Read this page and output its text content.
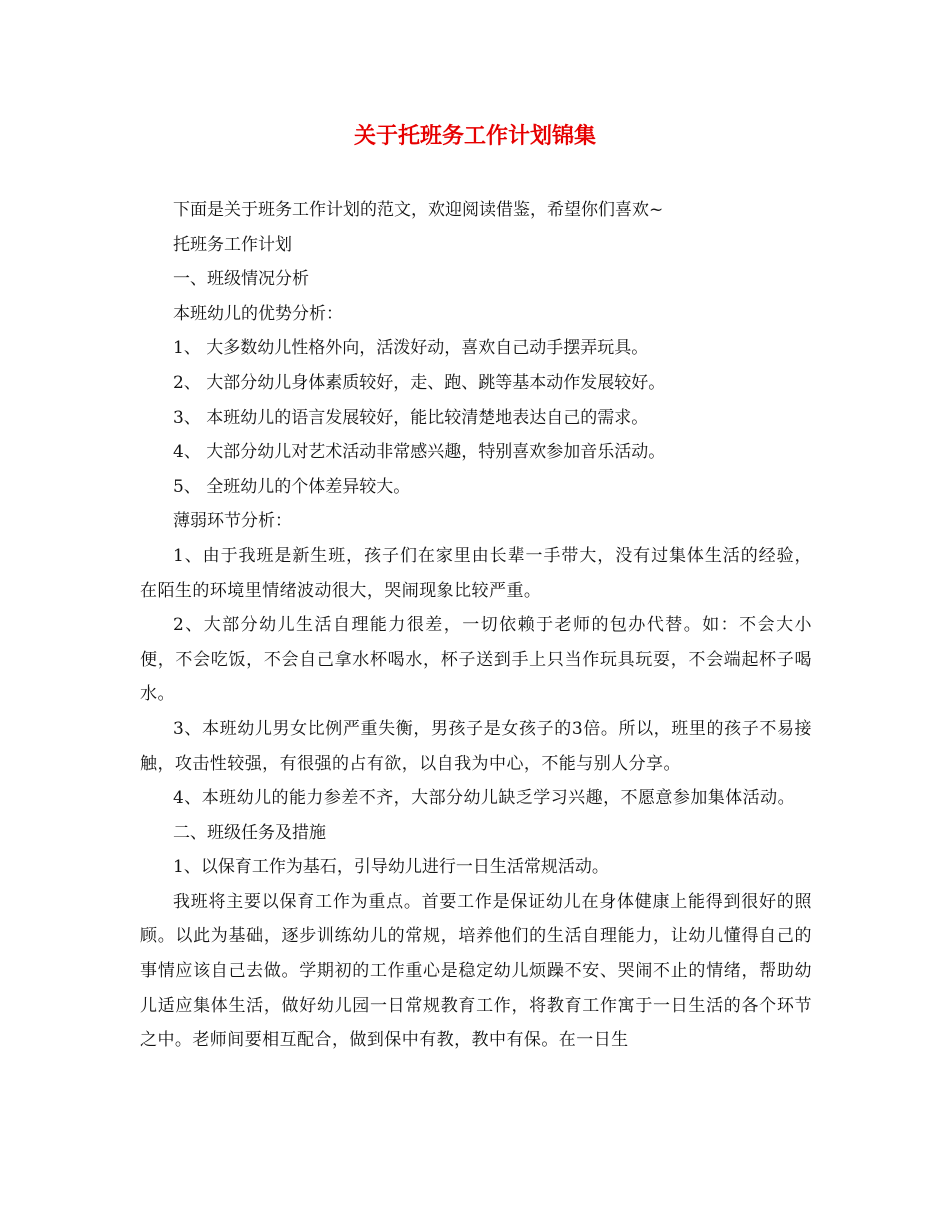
关于托班务工作计划锦集

下面是关于班务工作计划的范文，欢迎阅读借鉴，希望你们喜欢~

托班务工作计划

一、班级情况分析

本班幼儿的优势分析：

1、 大多数幼儿性格外向，活泼好动，喜欢自己动手摆弄玩具。

2、 大部分幼儿身体素质较好，走、跑、跳等基本动作发展较好。

3、 本班幼儿的语言发展较好，能比较清楚地表达自己的需求。

4、 大部分幼儿对艺术活动非常感兴趣，特别喜欢参加音乐活动。

5、 全班幼儿的个体差异较大。

薄弱环节分析：

1、由于我班是新生班，孩子们在家里由长辈一手带大，没有过集体生活的经验，在陌生的环境里情绪波动很大，哭闹现象比较严重。

2、大部分幼儿生活自理能力很差，一切依赖于老师的包办代替。如：不会大小便，不会吃饭，不会自己拿水杯喝水，杯子送到手上只当作玩具玩耍，不会端起杯子喝水。

3、本班幼儿男女比例严重失衡，男孩子是女孩子的3倍。所以，班里的孩子不易接触，攻击性较强，有很强的占有欲，以自我为中心，不能与别人分享。

4、本班幼儿的能力参差不齐，大部分幼儿缺乏学习兴趣，不愿意参加集体活动。

二、班级任务及措施

1、以保育工作为基石，引导幼儿进行一日生活常规活动。

我班将主要以保育工作为重点。首要工作是保证幼儿在身体健康上能得到很好的照顾。以此为基础，逐步训练幼儿的常规，培养他们的生活自理能力，让幼儿懂得自己的事情应该自己去做。学期初的工作重心是稳定幼儿烦躁不安、哭闹不止的情绪，帮助幼儿适应集体生活，做好幼儿园一日常规教育工作，将教育工作寓于一日生活的各个环节之中。老师间要相互配合，做到保中有教，教中有保。在一日生
